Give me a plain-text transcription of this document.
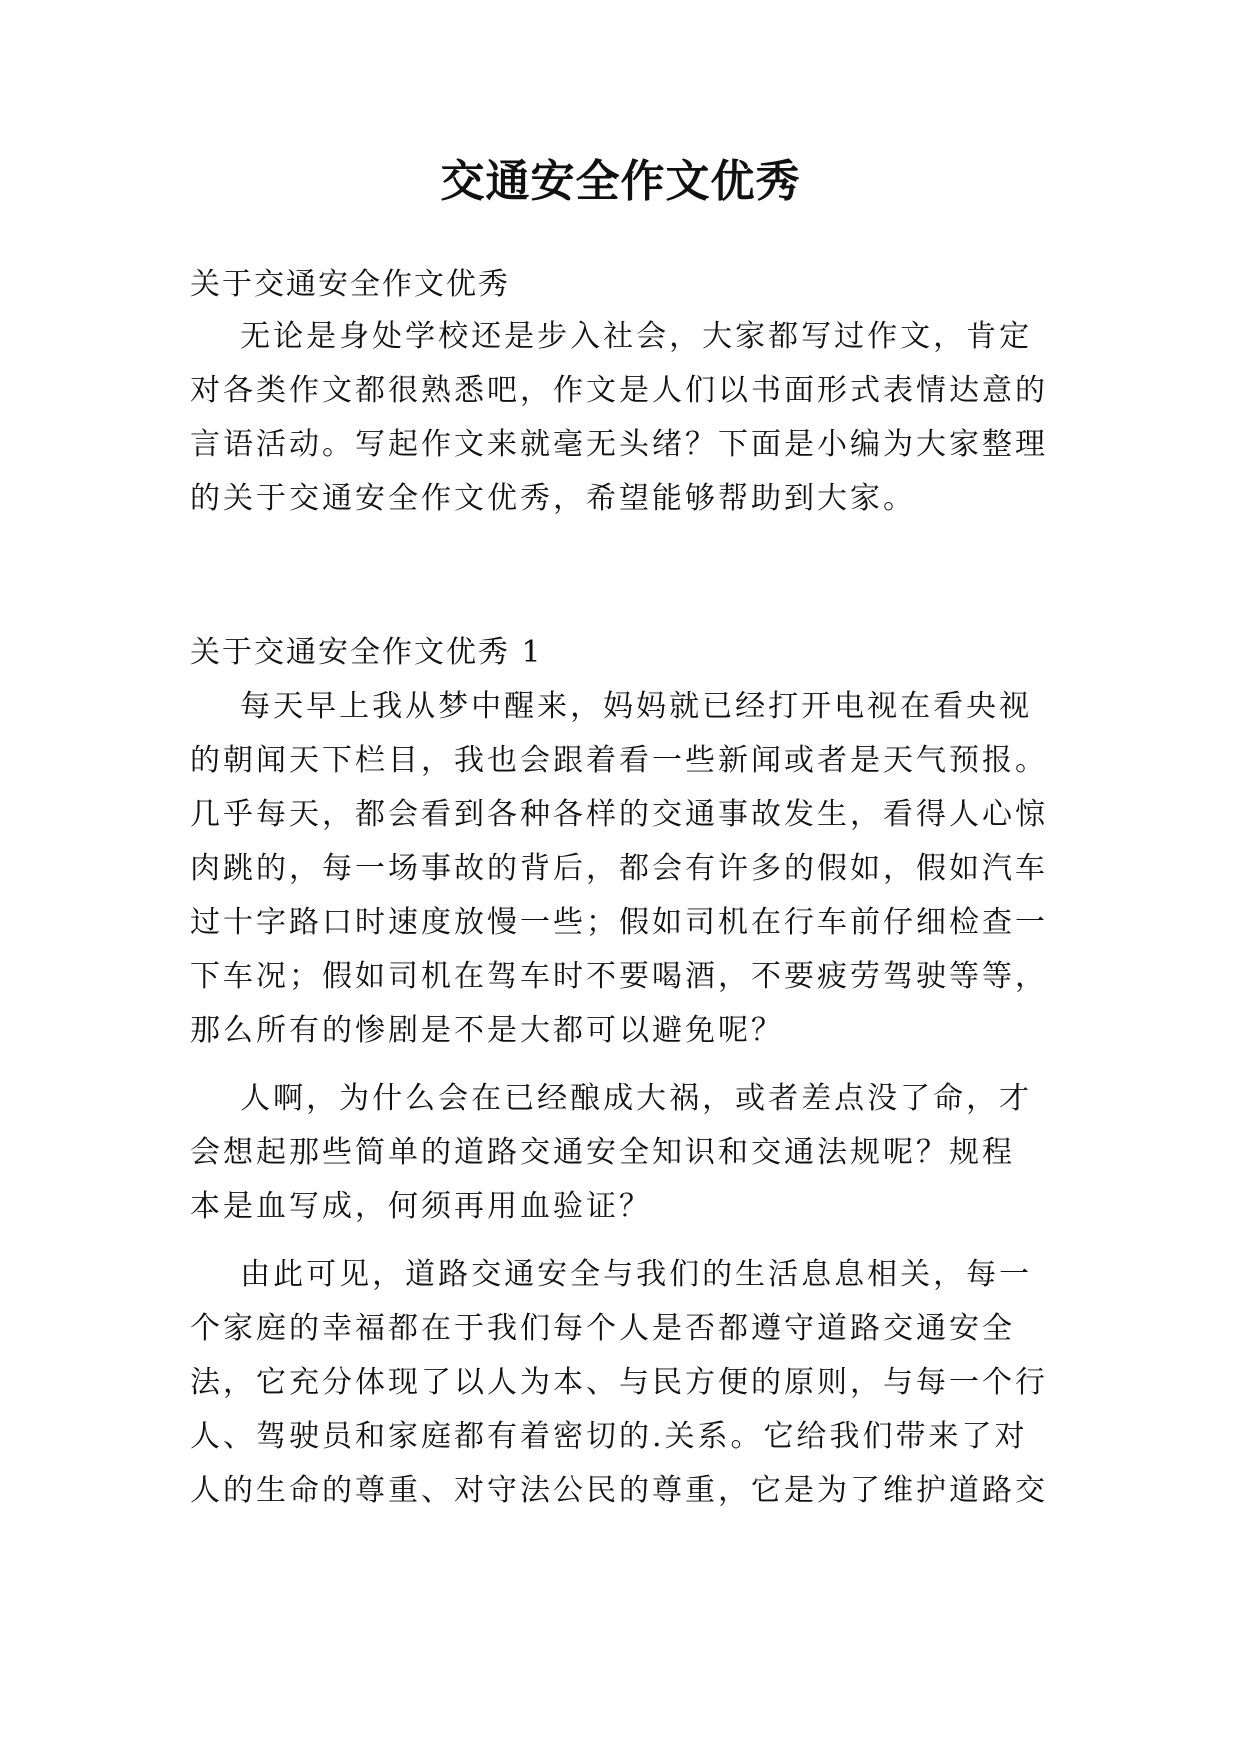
交通安全作文优秀
关于交通安全作文优秀
无论是身处学校还是步入社会，大家都写过作文，肯定
对各类作文都很熟悉吧，作文是人们以书面形式表情达意的
言语活动。写起作文来就毫无头绪？下面是小编为大家整理
的关于交通安全作文优秀，希望能够帮助到大家。
关于交通安全作文优秀 1
每天早上我从梦中醒来，妈妈就已经打开电视在看央视
的朝闻天下栏目，我也会跟着看一些新闻或者是天气预报。
几乎每天，都会看到各种各样的交通事故发生，看得人心惊
肉跳的，每一场事故的背后，都会有许多的假如，假如汽车
过十字路口时速度放慢一些；假如司机在行车前仔细检查一
下车况；假如司机在驾车时不要喝酒，不要疲劳驾驶等等，
那么所有的惨剧是不是大都可以避免呢？
人啊，为什么会在已经酿成大祸，或者差点没了命，才
会想起那些简单的道路交通安全知识和交通法规呢？规程
本是血写成，何须再用血验证？
由此可见，道路交通安全与我们的生活息息相关，每一
个家庭的幸福都在于我们每个人是否都遵守道路交通安全
法，它充分体现了以人为本、与民方便的原则，与每一个行
人、驾驶员和家庭都有着密切的.关系。它给我们带来了对
人的生命的尊重、对守法公民的尊重，它是为了维护道路交
